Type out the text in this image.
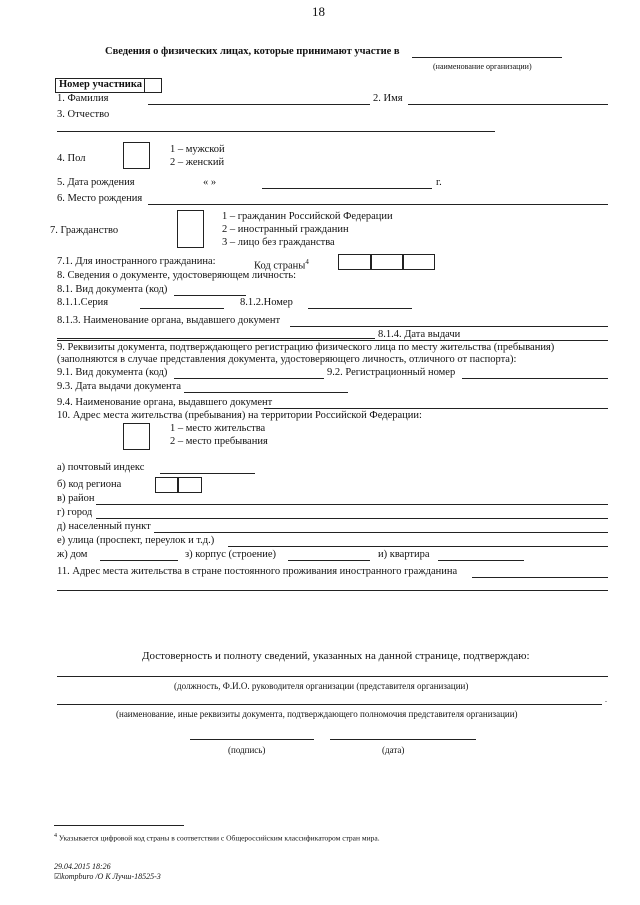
18
Сведения о физических лицах, которые принимают участие в
(наименование организации)
Номер участника
1. Фамилия	2. Имя
3. Отчество
4. Пол
1 – мужской
2 – женский
5. Дата рождения	« »	г.
6. Место рождения
7. Гражданство
1 – гражданин Российской Федерации
2 – иностранный гражданин
3 – лицо без гражданства
7.1. Для иностранного гражданина:	Код страны$^4$
8. Сведения о документе, удостоверяющем личность:
8.1. Вид документа (код)
8.1.1.Серия	8.1.2.Номер
8.1.3. Наименование органа, выдавшего документ
8.1.4. Дата выдачи
9. Реквизиты документа, подтверждающего регистрацию физического лица по месту жительства (пребывания)
(заполняются в случае представления документа, удостоверяющего личность, отличного от паспорта):
9.1. Вид документа (код)	9.2. Регистрационный номер
9.3. Дата выдачи документа
9.4. Наименование органа, выдавшего документ
10. Адрес места жительства (пребывания) на территории Российской Федерации:
1 – место жительства
2 – место пребывания
а) почтовый индекс
б) код региона
в) район
г) город
д) населенный пункт
е) улица (проспект, переулок и т.д.)
ж) дом	з) корпус (строение)	и) квартира
11. Адрес места жительства в стране постоянного проживания иностранного гражданина
Достоверность и полноту сведений, указанных на данной странице, подтверждаю:
(должность, Ф.И.О. руководителя организации (представителя организации)
.
(наименование, иные реквизиты документа, подтверждающего полномочия представителя организации)
(подпись)	(дата)
$^4$ Указывается цифровой код страны в соответствии с Общероссийским классификатором стран мира.
29.04.2015 18:26
☑kompburo /О К Лучш-18525-3
